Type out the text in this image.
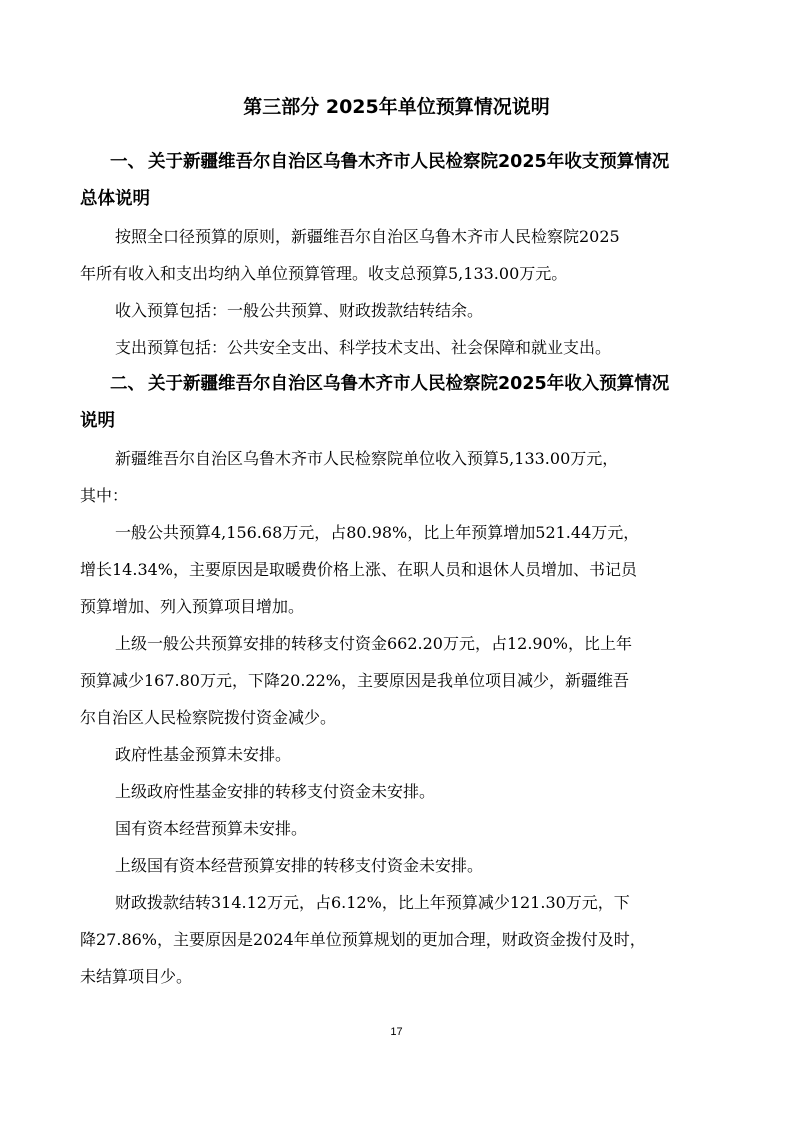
第三部分 2025年单位预算情况说明
一、 关于新疆维吾尔自治区乌鲁木齐市人民检察院2025年收支预算情况
总体说明
按照全口径预算的原则，新疆维吾尔自治区乌鲁木齐市人民检察院2025
年所有收入和支出均纳入单位预算管理。收支总预算5,133.00万元。
收入预算包括：一般公共预算、财政拨款结转结余。
支出预算包括：公共安全支出、科学技术支出、社会保障和就业支出。
二、 关于新疆维吾尔自治区乌鲁木齐市人民检察院2025年收入预算情况
说明
新疆维吾尔自治区乌鲁木齐市人民检察院单位收入预算5,133.00万元，
其中：
一般公共预算4,156.68万元，占80.98%，比上年预算增加521.44万元，
增长14.34%，主要原因是取暖费价格上涨、在职人员和退休人员增加、书记员
预算增加、列入预算项目增加。
上级一般公共预算安排的转移支付资金662.20万元，占12.90%，比上年
预算减少167.80万元，下降20.22%，主要原因是我单位项目减少，新疆维吾
尔自治区人民检察院拨付资金减少。
政府性基金预算未安排。
上级政府性基金安排的转移支付资金未安排。
国有资本经营预算未安排。
上级国有资本经营预算安排的转移支付资金未安排。
财政拨款结转314.12万元，占6.12%，比上年预算减少121.30万元，下
降27.86%，主要原因是2024年单位预算规划的更加合理，财政资金拨付及时，
未结算项目少。
17
